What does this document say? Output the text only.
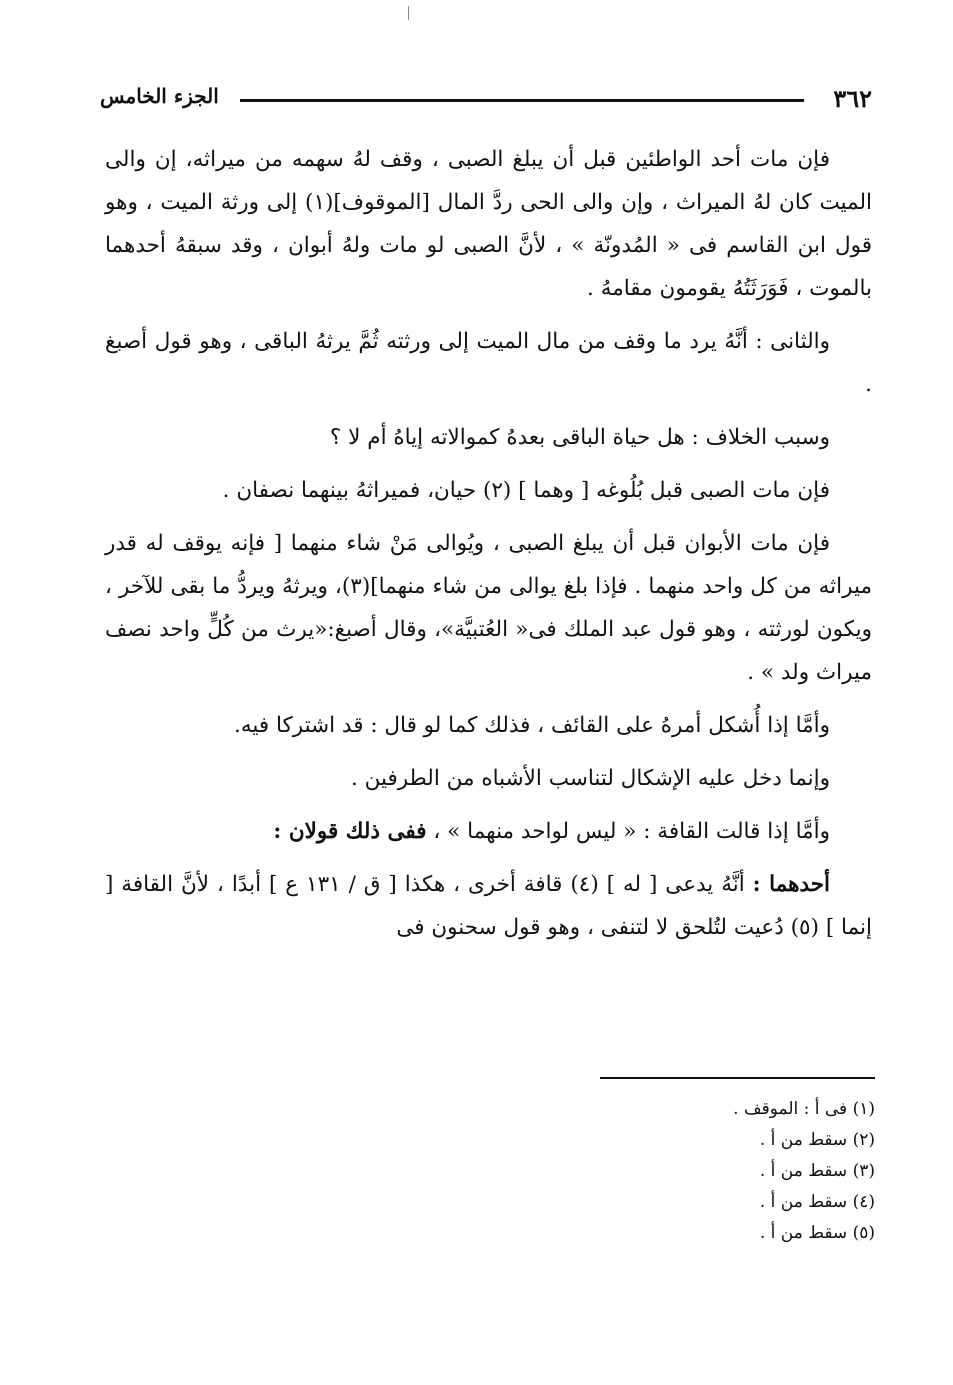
٣٦٢
الجزء الخامس

فإن مات أحد الواطئين قبل أن يبلغ الصبى ، وقف لهُ سهمه من ميراثه، إن والى الميت كان لهُ الميراث ، وإن والى الحى ردَّ المال [الموقوف](١) إلى ورثة الميت ، وهو قول ابن القاسم فى « المُدونّة » ، لأنَّ الصبى لو مات ولهُ أبوان ، وقد سبقهُ أحدهما بالموت ، فَوَرَثَتُهُ يقومون مقامهُ .

والثانى : أنَّهُ يرد ما وقف من مال الميت إلى ورثته ثُمَّ يرثهُ الباقى ، وهو قول أصبغ .

وسبب الخلاف : هل حياة الباقى بعدهُ كموالاته إياهُ أم لا ؟

فإن مات الصبى قبل بُلُوغه [ وهما ] (٢) حيان، فميراثهُ بينهما نصفان .

فإن مات الأبوان قبل أن يبلغ الصبى ، ويُوالى مَنْ شاء منهما [ فإنه يوقف له قدر ميراثه من كل واحد منهما . فإذا بلغ يوالى من شاء منهما](٣)، ويرثهُ ويردُّ ما بقى للآخر ، ويكون لورثته ، وهو قول عبد الملك فى« العُتبيَّة»، وقال أصبغ:«يرث من كُلٍّ واحد نصف ميراث ولد » .

وأمَّا إذا أُشكل أمرهُ على القائف ، فذلك كما لو قال : قد اشتركا فيه.

وإنما دخل عليه الإشكال لتناسب الأشباه من الطرفين .

وأمَّا إذا قالت القافة : « ليس لواحد منهما » ، ففى ذلك قولان :

أحدهما : أنَّهُ يدعى [ له ] (٤) قافة أخرى ، هكذا [ ق / ١٣١ ع ] أبدًا ، لأنَّ القافة [ إنما ] (٥) دُعيت لتُلحق لا لتنفى ، وهو قول سحنون فى

(١) فى أ : الموقف .
(٢) سقط من أ .
(٣) سقط من أ .
(٤) سقط من أ .
(٥) سقط من أ .
